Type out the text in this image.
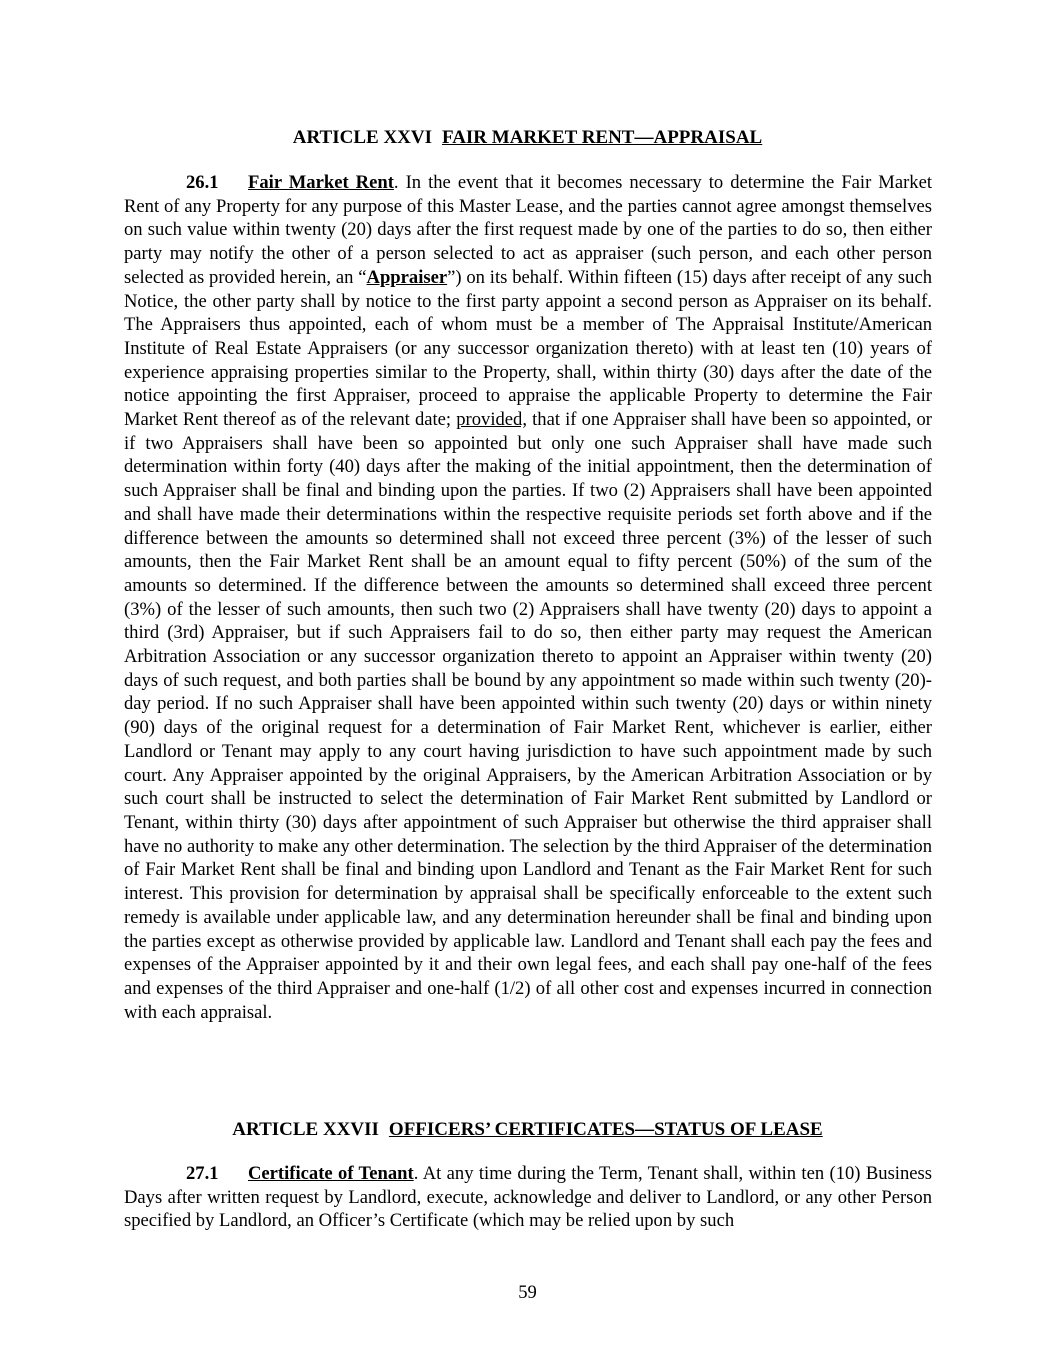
ARTICLE XXVI FAIR MARKET RENT—APPRAISAL
26.1 Fair Market Rent. In the event that it becomes necessary to determine the Fair Market Rent of any Property for any purpose of this Master Lease, and the parties cannot agree amongst themselves on such value within twenty (20) days after the first request made by one of the parties to do so, then either party may notify the other of a person selected to act as appraiser (such person, and each other person selected as provided herein, an “Appraiser”) on its behalf. Within fifteen (15) days after receipt of any such Notice, the other party shall by notice to the first party appoint a second person as Appraiser on its behalf. The Appraisers thus appointed, each of whom must be a member of The Appraisal Institute/American Institute of Real Estate Appraisers (or any successor organization thereto) with at least ten (10) years of experience appraising properties similar to the Property, shall, within thirty (30) days after the date of the notice appointing the first Appraiser, proceed to appraise the applicable Property to determine the Fair Market Rent thereof as of the relevant date; provided, that if one Appraiser shall have been so appointed, or if two Appraisers shall have been so appointed but only one such Appraiser shall have made such determination within forty (40) days after the making of the initial appointment, then the determination of such Appraiser shall be final and binding upon the parties. If two (2) Appraisers shall have been appointed and shall have made their determinations within the respective requisite periods set forth above and if the difference between the amounts so determined shall not exceed three percent (3%) of the lesser of such amounts, then the Fair Market Rent shall be an amount equal to fifty percent (50%) of the sum of the amounts so determined. If the difference between the amounts so determined shall exceed three percent (3%) of the lesser of such amounts, then such two (2) Appraisers shall have twenty (20) days to appoint a third (3rd) Appraiser, but if such Appraisers fail to do so, then either party may request the American Arbitration Association or any successor organization thereto to appoint an Appraiser within twenty (20) days of such request, and both parties shall be bound by any appointment so made within such twenty (20)-day period. If no such Appraiser shall have been appointed within such twenty (20) days or within ninety (90) days of the original request for a determination of Fair Market Rent, whichever is earlier, either Landlord or Tenant may apply to any court having jurisdiction to have such appointment made by such court. Any Appraiser appointed by the original Appraisers, by the American Arbitration Association or by such court shall be instructed to select the determination of Fair Market Rent submitted by Landlord or Tenant, within thirty (30) days after appointment of such Appraiser but otherwise the third appraiser shall have no authority to make any other determination. The selection by the third Appraiser of the determination of Fair Market Rent shall be final and binding upon Landlord and Tenant as the Fair Market Rent for such interest. This provision for determination by appraisal shall be specifically enforceable to the extent such remedy is available under applicable law, and any determination hereunder shall be final and binding upon the parties except as otherwise provided by applicable law. Landlord and Tenant shall each pay the fees and expenses of the Appraiser appointed by it and their own legal fees, and each shall pay one-half of the fees and expenses of the third Appraiser and one-half (1/2) of all other cost and expenses incurred in connection with each appraisal.
ARTICLE XXVII OFFICERS’ CERTIFICATES—STATUS OF LEASE
27.1 Certificate of Tenant. At any time during the Term, Tenant shall, within ten (10) Business Days after written request by Landlord, execute, acknowledge and deliver to Landlord, or any other Person specified by Landlord, an Officer’s Certificate (which may be relied upon by such
59
